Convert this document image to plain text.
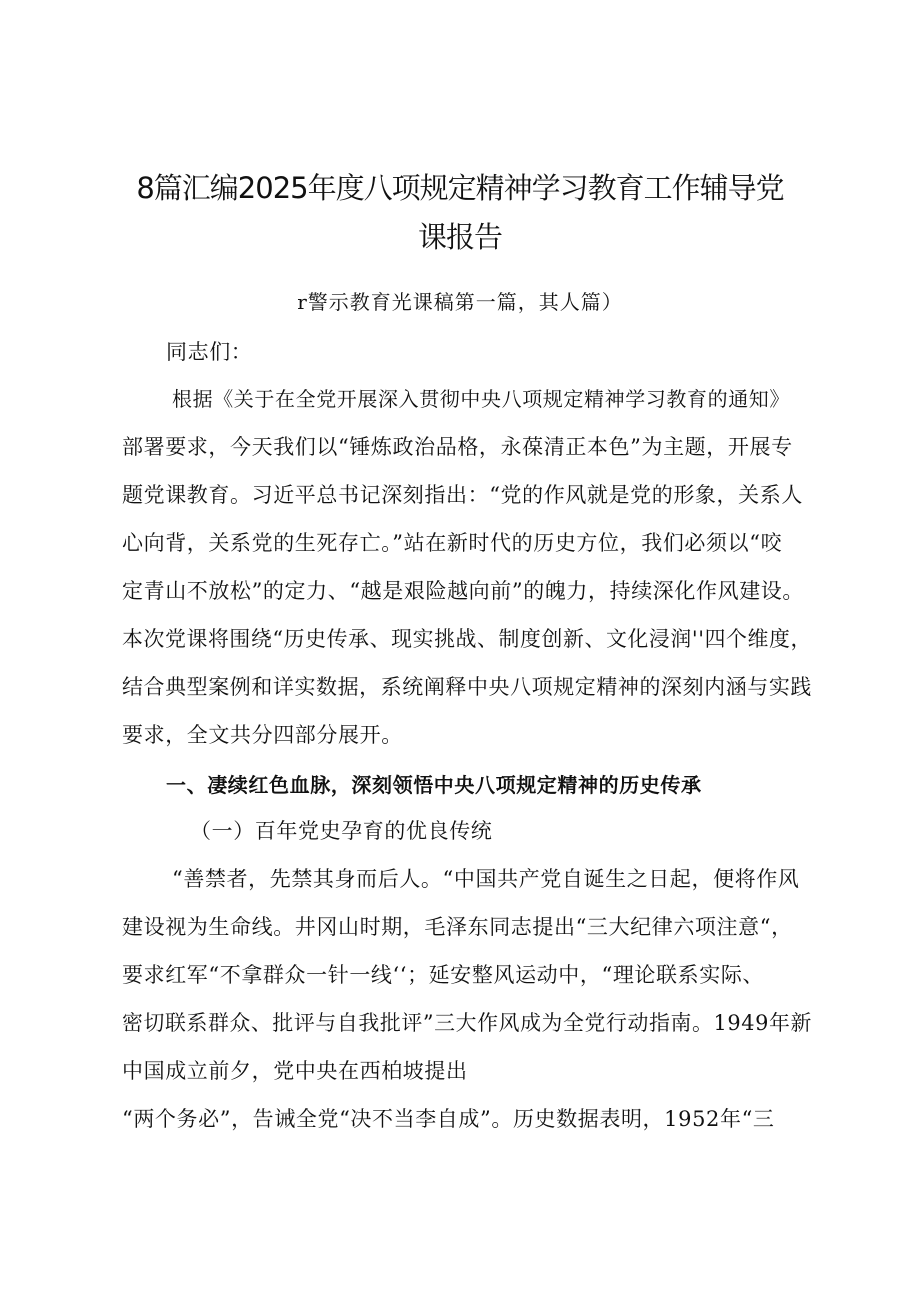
8篇汇编2025年度八项规定精神学习教育工作辅导党
课报告
r警示教育光课稿第一篇，其人篇）
同志们：
根据《关于在全党开展深入贯彻中央八项规定精神学习教育的通知》
部署要求，今天我们以“锤炼政治品格，永葆清正本色”为主题，开展专
题党课教育。习近平总书记深刻指出：“党的作风就是党的形象，关系人
心向背，关系党的生死存亡。”站在新时代的历史方位，我们必须以“咬
定青山不放松”的定力、“越是艰险越向前”的魄力，持续深化作风建设。
本次党课将围绕“历史传承、现实挑战、制度创新、文化浸润''四个维度，
结合典型案例和详实数据，系统阐释中央八项规定精神的深刻内涵与实践
要求，全文共分四部分展开。
一、凄续红色血脉，深刻领悟中央八项规定精神的历史传承
（一）百年党史孕育的优良传统
“善禁者，先禁其身而后人。“中国共产党自诞生之日起，便将作风
建设视为生命线。井冈山时期，毛泽东同志提出“三大纪律六项注意“，
要求红军“不拿群众一针一线‘‘；延安整风运动中，“理论联系实际、
密切联系群众、批评与自我批评”三大作风成为全党行动指南。1949年新
中国成立前夕，党中央在西柏坡提出
“两个务必”，告诫全党“决不当李自成”。历史数据表明，1952年“三
